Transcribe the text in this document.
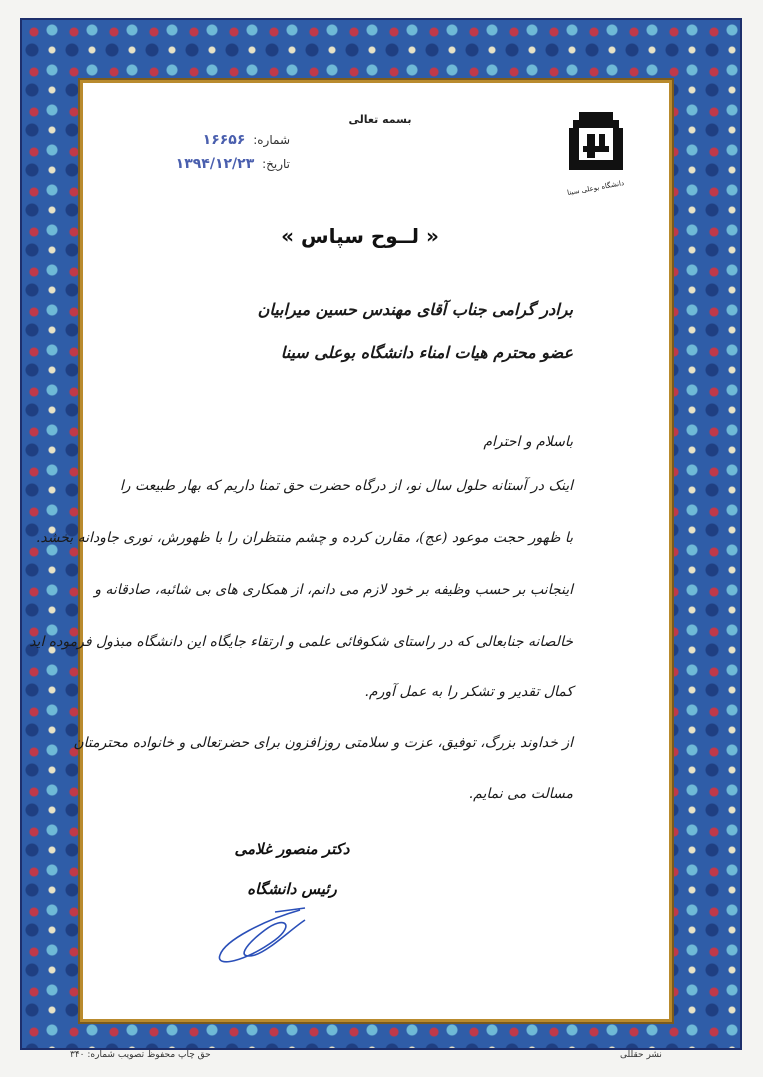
بسمه تعالی
دانشگاه بوعلی سینا
شماره: ۱۶۶۵۶
تاریخ: ۱۳۹۴/۱۲/۲۳
« لــوح سپاس »
برادر گرامی جناب آقای مهندس حسین میرابیان
عضو محترم هیات امناء دانشگاه بوعلی سینا
باسلام و احترام
اینک در آستانه حلول سال نو، از درگاه حضرت حق تمنا داریم که بهار طبیعت را
با ظهور حجت موعود (عج)، مقارن کرده و چشم منتظران را با ظهورش، نوری جاودانه بخشد.
اینجانب بر حسب وظیفه بر خود لازم می دانم، از همکاری های بی شائبه، صادقانه و
خالصانه جنابعالی که در راستای شکوفائی علمی و ارتقاء جایگاه این دانشگاه مبذول فرموده اید
کمال تقدیر و تشکر را به عمل آورم.
از خداوند بزرگ، توفیق، عزت و سلامتی روزافزون برای حضرتعالی و خانواده محترمتان
مسالت می نمایم.
دکتر منصور غلامی
رئیس دانشگاه
حق چاپ محفوظ تصویب شماره: ۳۴۰	نشر حقللی
